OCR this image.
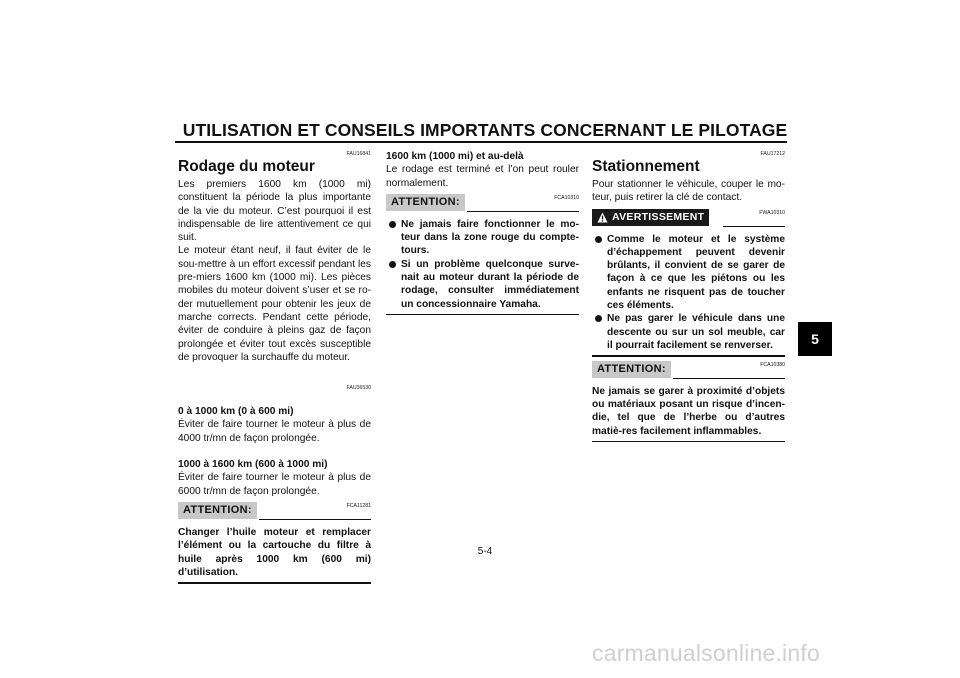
UTILISATION ET CONSEILS IMPORTANTS CONCERNANT LE PILOTAGE
FAU16841
Rodage du moteur

Les premiers 1600 km (1000 mi) constituent la période la plus importante de la vie du moteur. C’est pourquoi il est indispensable de lire attentivement ce qui suit.

Le moteur étant neuf, il faut éviter de le sou-mettre à un effort excessif pendant les pre-miers 1600 km (1000 mi). Les pièces mobiles du moteur doivent s’user et se ro-der mutuellement pour obtenir les jeux de marche corrects. Pendant cette période, éviter de conduire à pleins gaz de façon prolongée et éviter tout excès susceptible de provoquer la surchauffe du moteur.

FAU36530

0 à 1000 km (0 à 600 mi)

Éviter de faire tourner le moteur à plus de 4000 tr/mn de façon prolongée.

1000 à 1600 km (600 à 1000 mi)

Éviter de faire tourner le moteur à plus de 6000 tr/mn de façon prolongée.

ATTENTION:	FCA11281
Changer l’huile moteur et remplacer l’élément ou la cartouche du filtre à huile après 1000 km (600 mi) d’utilisation.

1600 km (1000 mi) et au-delà

Le rodage est terminé et l’on peut rouler normalement.

ATTENTION:	FCA10310
Ne jamais faire fonctionner le mo-teur dans la zone rouge du compte-tours.
Si un problème quelconque surve-nait au moteur durant la période de rodage, consulter immédiatement un concessionnaire Yamaha.
FAU17212
Stationnement

Pour stationner le véhicule, couper le mo-teur, puis retirer la clé de contact.

AVERTISSEMENT	FWA10310
Comme le moteur et le système d’échappement peuvent devenir brûlants, il convient de se garer de façon à ce que les piétons ou les enfants ne risquent pas de toucher ces éléments.
Ne pas garer le véhicule dans une descente ou sur un sol meuble, car il pourrait facilement se renverser.
ATTENTION:	FCA10380
Ne jamais se garer à proximité d’objets ou matériaux posant un risque d’incen-die, tel que de l’herbe ou d’autres matiè-res facilement inflammables.
5
5-4
carmanualsonline.info
